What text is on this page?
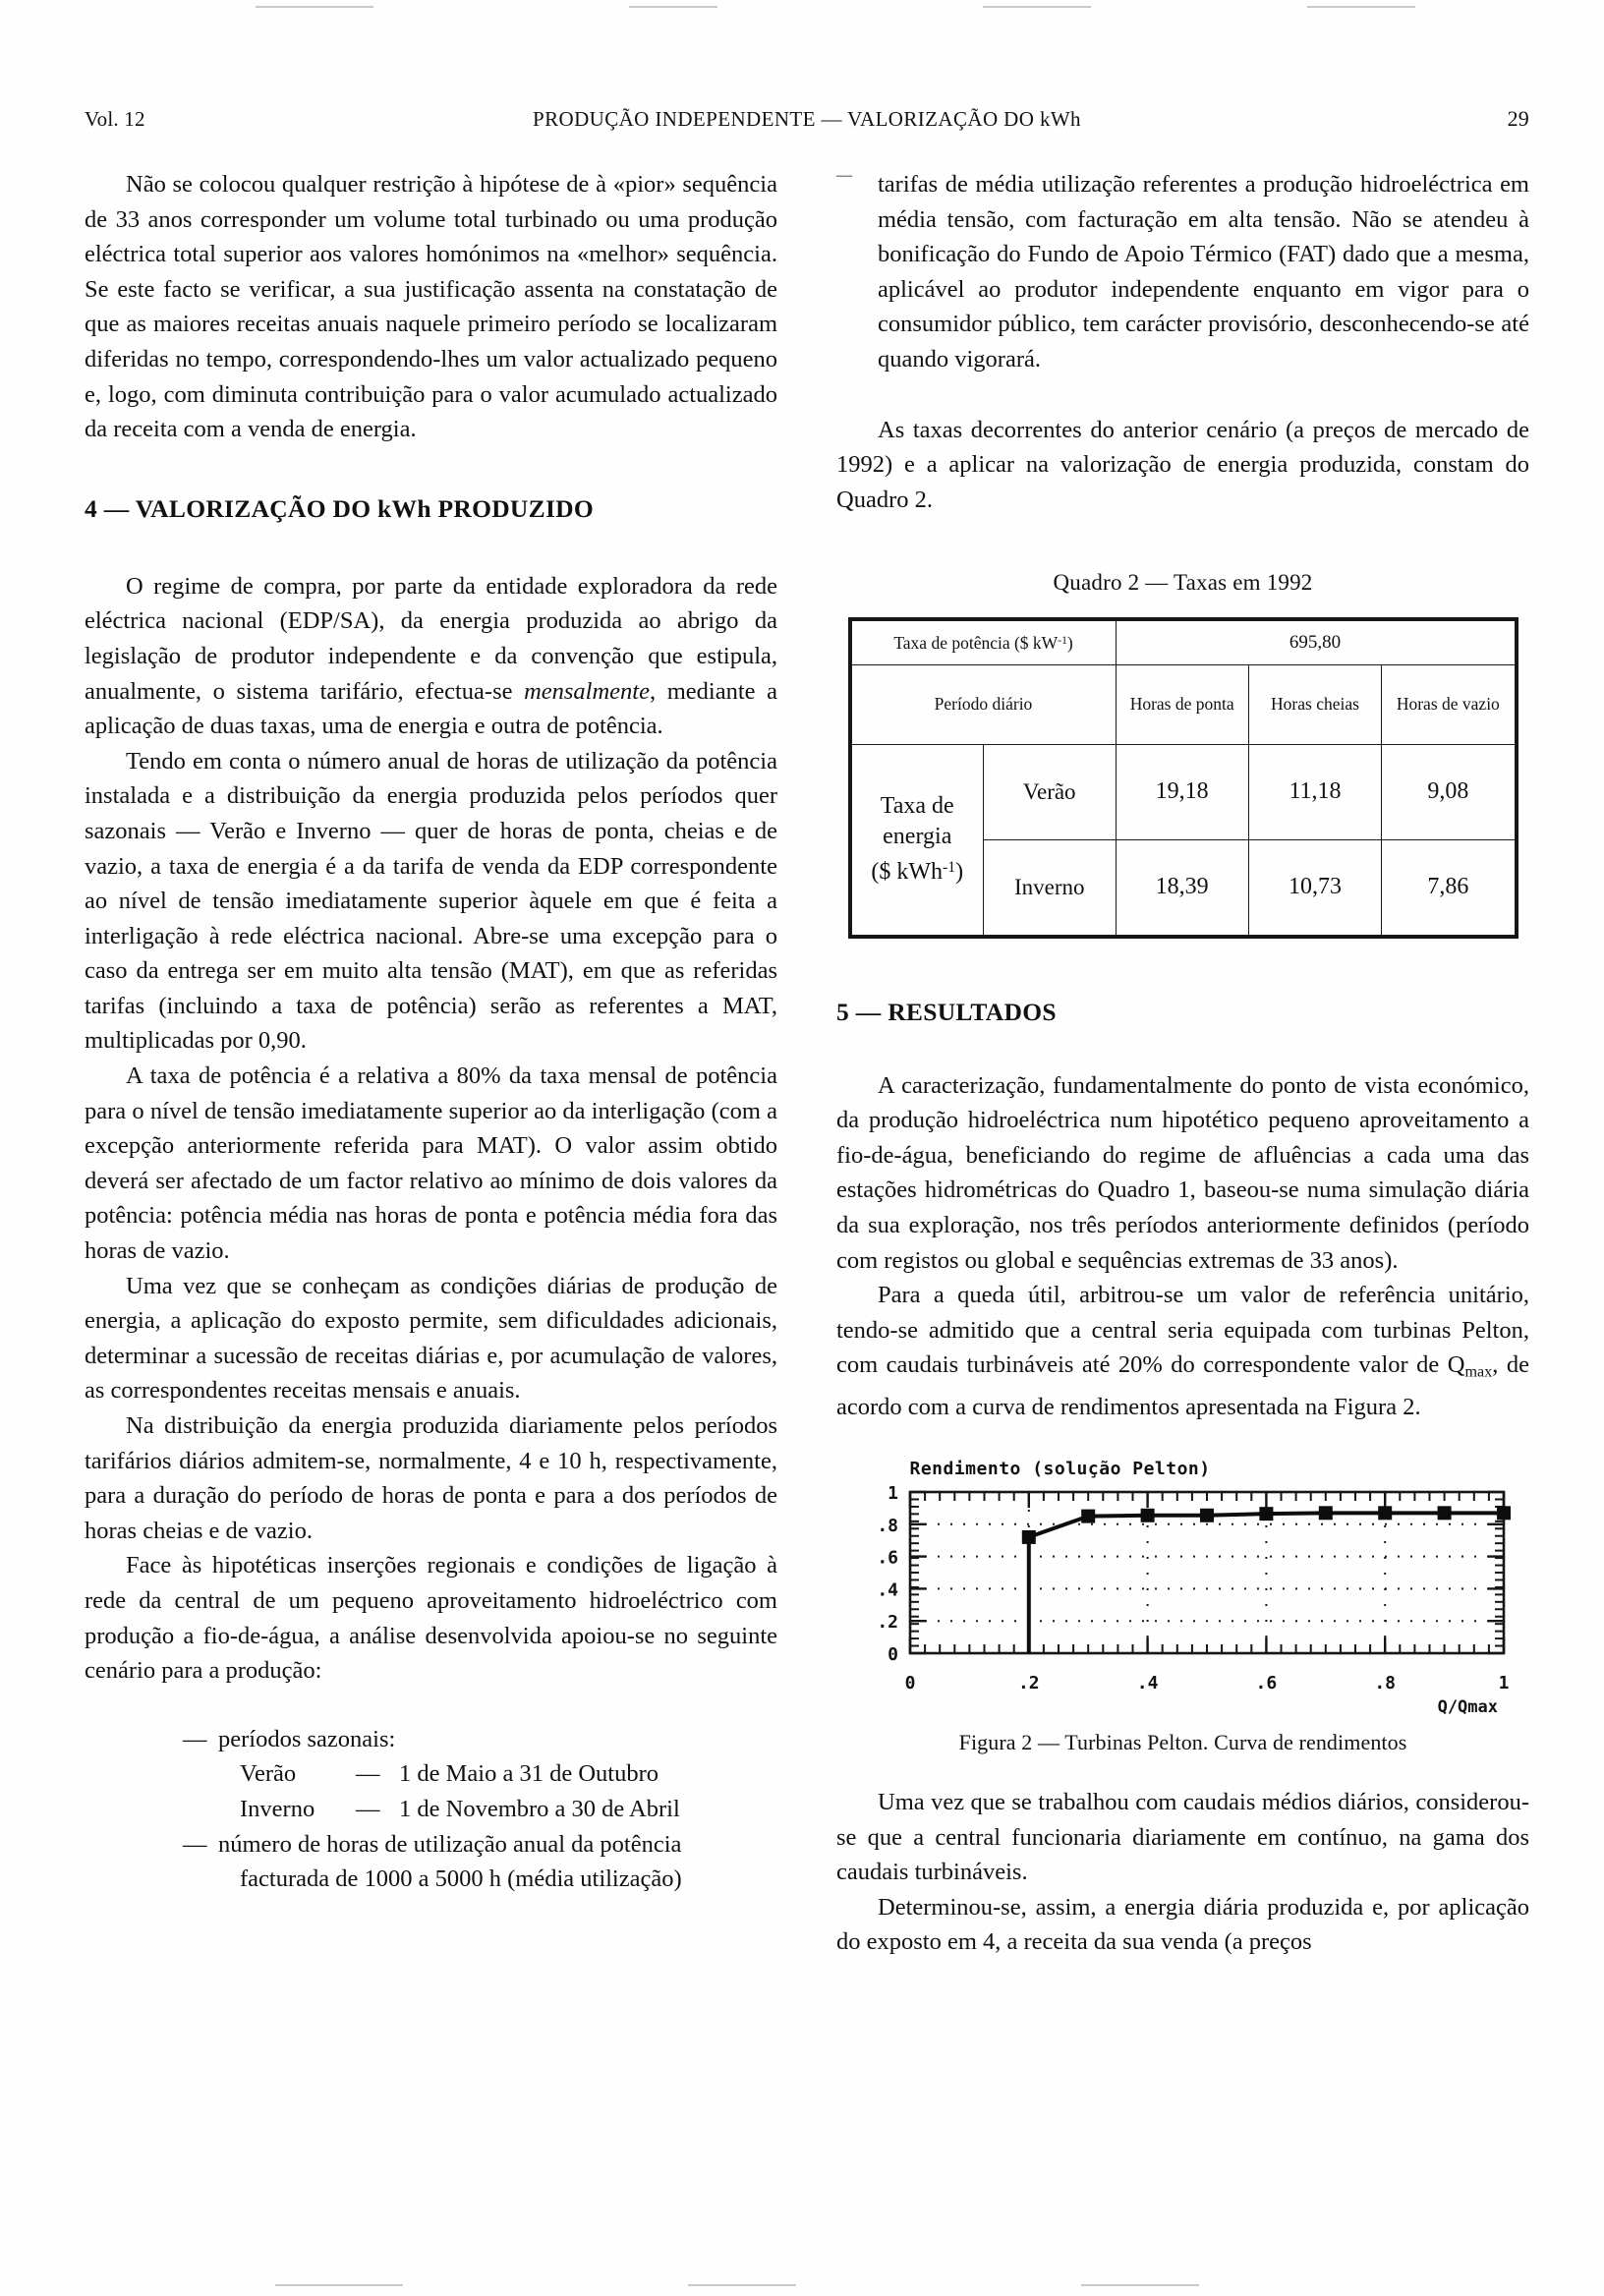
Vol. 12	PRODUÇÃO INDEPENDENTE — VALORIZAÇÃO DO kWh	29

Não se colocou qualquer restrição à hipótese de à «pior» sequência de 33 anos corresponder um volume total turbinado ou uma produção eléctrica total superior aos valores homónimos na «melhor» sequência. Se este facto se verificar, a sua justificação assenta na constatação de que as maiores receitas anuais naquele primeiro período se localizaram diferidas no tempo, correspondendo-lhes um valor actualizado pequeno e, logo, com diminuta contribuição para o valor acumulado actualizado da receita com a venda de energia.

4 — VALORIZAÇÃO DO kWh PRODUZIDO

O regime de compra, por parte da entidade exploradora da rede eléctrica nacional (EDP/SA), da energia produzida ao abrigo da legislação de produtor independente e da convenção que estipula, anualmente, o sistema tarifário, efectua-se mensalmente, mediante a aplicação de duas taxas, uma de energia e outra de potência.

Tendo em conta o número anual de horas de utilização da potência instalada e a distribuição da energia produzida pelos períodos quer sazonais — Verão e Inverno — quer de horas de ponta, cheias e de vazio, a taxa de energia é a da tarifa de venda da EDP correspondente ao nível de tensão imediatamente superior àquele em que é feita a interligação à rede eléctrica nacional. Abre-se uma excepção para o caso da entrega ser em muito alta tensão (MAT), em que as referidas tarifas (incluindo a taxa de potência) serão as referentes a MAT, multiplicadas por 0,90.

A taxa de potência é a relativa a 80% da taxa mensal de potência para o nível de tensão imediatamente superior ao da interligação (com a excepção anteriormente referida para MAT). O valor assim obtido deverá ser afectado de um factor relativo ao mínimo de dois valores da potência: potência média nas horas de ponta e potência média fora das horas de vazio.

Uma vez que se conheçam as condições diárias de produção de energia, a aplicação do exposto permite, sem dificuldades adicionais, determinar a sucessão de receitas diárias e, por acumulação de valores, as correspondentes receitas mensais e anuais.

Na distribuição da energia produzida diariamente pelos períodos tarifários diários admitem-se, normalmente, 4 e 10 h, respectivamente, para a duração do período de horas de ponta e para a dos períodos de horas cheias e de vazio.

Face às hipotéticas inserções regionais e condições de ligação à rede da central de um pequeno aproveitamento hidroeléctrico com produção a fio-de-água, a análise desenvolvida apoiou-se no seguinte cenário para a produção:

— períodos sazonais:
Verão	— 1 de Maio a 31 de Outubro
Inverno	— 1 de Novembro a 30 de Abril
— número de horas de utilização anual da potência
facturada de 1000 a 5000 h (média utilização)
—	tarifas de média utilização referentes a produção hidroeléctrica em média tensão, com facturação em alta tensão. Não se atendeu à bonificação do Fundo de Apoio Térmico (FAT) dado que a mesma, aplicável ao produtor independente enquanto em vigor para o consumidor público, tem carácter provisório, desconhecendo-se até quando vigorará.

As taxas decorrentes do anterior cenário (a preços de mercado de 1992) e a aplicar na valorização de energia produzida, constam do Quadro 2.

Quadro 2 — Taxas em 1992
Taxa de potência ($ $kW^{-1}$)		695,80		
Período diário		Horas de ponta	Horas cheias	Horas de vazio
Taxa de energia
($ kWh$^{-1}$)	Verão	19,18	11,18	9,08
	Inverno	18,39	10,73	7,86
5 — RESULTADOS

A caracterização, fundamentalmente do ponto de vista económico, da produção hidroeléctrica num hipotético pequeno aproveitamento a fio-de-água, beneficiando do regime de afluências a cada uma das estações hidrométricas do Quadro 1, baseou-se numa simulação diária da sua exploração, nos três períodos anteriormente definidos (período com registos ou global e sequências extremas de 33 anos).

Para a queda útil, arbitrou-se um valor de referência unitário, tendo-se admitido que a central seria equipada com turbinas Pelton, com caudais turbináveis até 20% do correspondente valor de $Q_{max}$, de acordo com a curva de rendimentos apresentada na Figura 2.

Rendimento (solução Pelton)
0
.2
.4
.6
.8
1
0	.2	.4	.6	.8	1
Q/Qmax
Figura 2 — Turbinas Pelton. Curva de rendimentos

Uma vez que se trabalhou com caudais médios diários, considerou-se que a central funcionaria diariamente em contínuo, na gama dos caudais turbináveis.

Determinou-se, assim, a energia diária produzida e, por aplicação do exposto em 4, a receita da sua venda (a preços
